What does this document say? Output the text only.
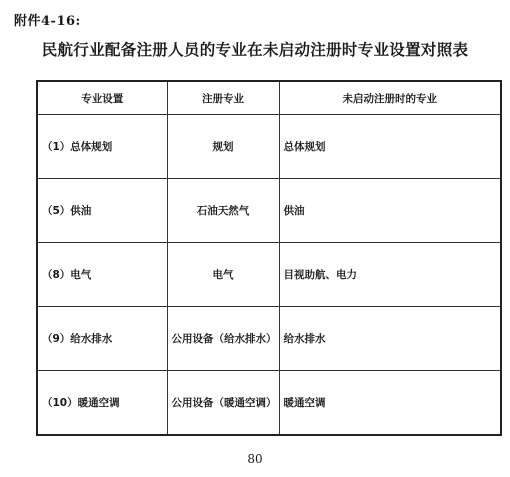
附件4-16:
民航行业配备注册人员的专业在未启动注册时专业设置对照表
专业设置	注册专业	未启动注册时的专业
（1）总体规划	规划	总体规划
（5）供油	石油天然气	供油
（8）电气	电气	目视助航、电力
（9）给水排水	公用设备（给水排水）	给水排水
（10）暖通空调	公用设备（暖通空调）	暖通空调
80
